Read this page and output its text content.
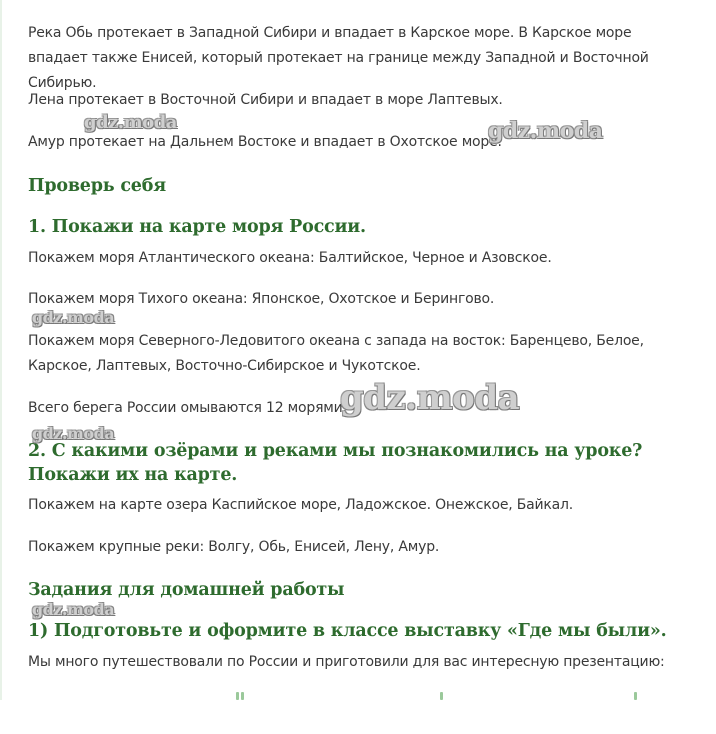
Река Обь протекает в Западной Сибири и впадает в Карское море. В Карское море впадает также Енисей, который протекает на границе между Западной и Восточной Сибирью.

Лена протекает в Восточной Сибири и впадает в море Лаптевых.

Амур протекает на Дальнем Востоке и впадает в Охотское море.

Проверь себя
1. Покажи на карте моря России.

Покажем моря Атлантического океана: Балтийское, Черное и Азовское.

Покажем моря Тихого океана: Японское, Охотское и Берингово.

Покажем моря Северного-Ледовитого океана с запада на восток: Баренцево, Белое, Карское, Лаптевых, Восточно-Сибирское и Чукотское.

Всего берега России омываются 12 морями.

2. С какими озёрами и реками мы познакомились на уроке? Покажи их на карте.

Покажем на карте озера Каспийское море, Ладожское. Онежское, Байкал.

Покажем крупные реки: Волгу, Обь, Енисей, Лену, Амур.

Задания для домашней работы
1) Подготовьте и оформите в классе выставку «Где мы были».

Мы много путешествовали по России и приготовили для вас интересную презентацию:

gdz.moda	gdz.moda
gdz.moda
gdz.moda
gdz.moda
gdz.moda
